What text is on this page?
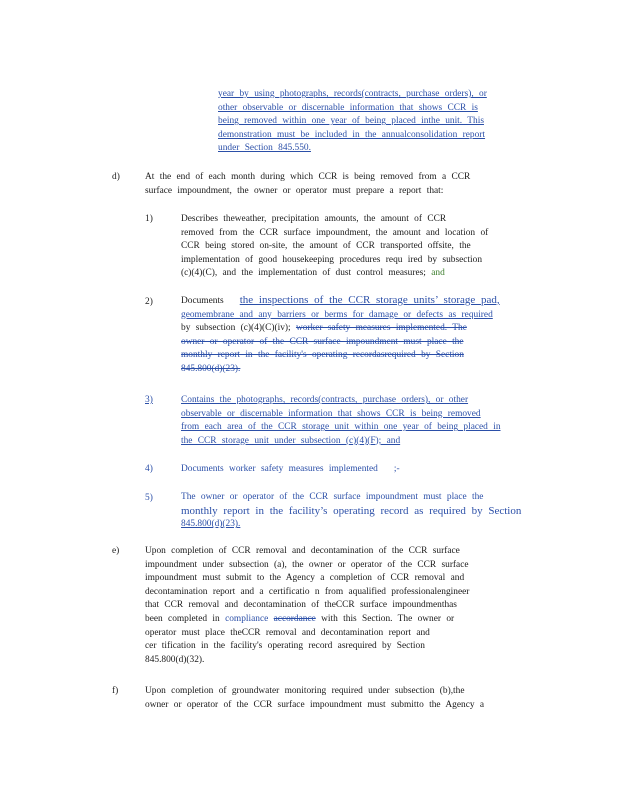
year by using photographs, records(contracts, purchase orders), or

other observable or discernable information that shows CCR is

being removed within one year of being placed inthe unit. This

demonstration must be included in the annualconsolidation report

under Section 845.550.

d)	At the end of each month during which CCR is being removed from a CCR

surface impoundment, the owner or operator must prepare a report that:

1)	Describes theweather, precipitation amounts, the amount of CCR

removed from the CCR surface impoundment, the amount and location of

CCR being stored on-site, the amount of CCR transported offsite, the

implementation of good housekeeping procedures requ ired by subsection

(c)(4)(C), and the implementation of dust control measures; and

2)	Documents the inspections of the CCR storage units’ storage pad,

geomembrane and any barriers or berms for damage or defects as required

by subsection (c)(4)(C)(iv); worker safety measures implemented. The

owner or operator of the CCR surface impoundment must place the

monthly report in the facility's operating recordasrequired by Section

845.800(d)(23).

3)	Contains the photographs, records(contracts, purchase orders), or other

observable or discernable information that shows CCR is being removed

from each area of the CCR storage unit within one year of being placed in

the CCR storage unit under subsection (c)(4)(F); and

4)	Documents worker safety measures implemented ;-

5)	The owner or operator of the CCR surface impoundment must place the

monthly report in the facility’s operating record as required by Section

845.800(d)(23).

e)	Upon completion of CCR removal and decontamination of the CCR surface

impoundment under subsection (a), the owner or operator of the CCR surface

impoundment must submit to the Agency a completion of CCR removal and

decontamination report and a certificatio n from aqualified professionalengineer

that CCR removal and decontamination of theCCR surface impoundmenthas

been completed in compliance accordance with this Section. The owner or

operator must place theCCR removal and decontamination report and

cer tification in the facility's operating record asrequired by Section

845.800(d)(32).

f)	Upon completion of groundwater monitoring required under subsection (b),the

owner or operator of the CCR surface impoundment must submitto the Agency a
